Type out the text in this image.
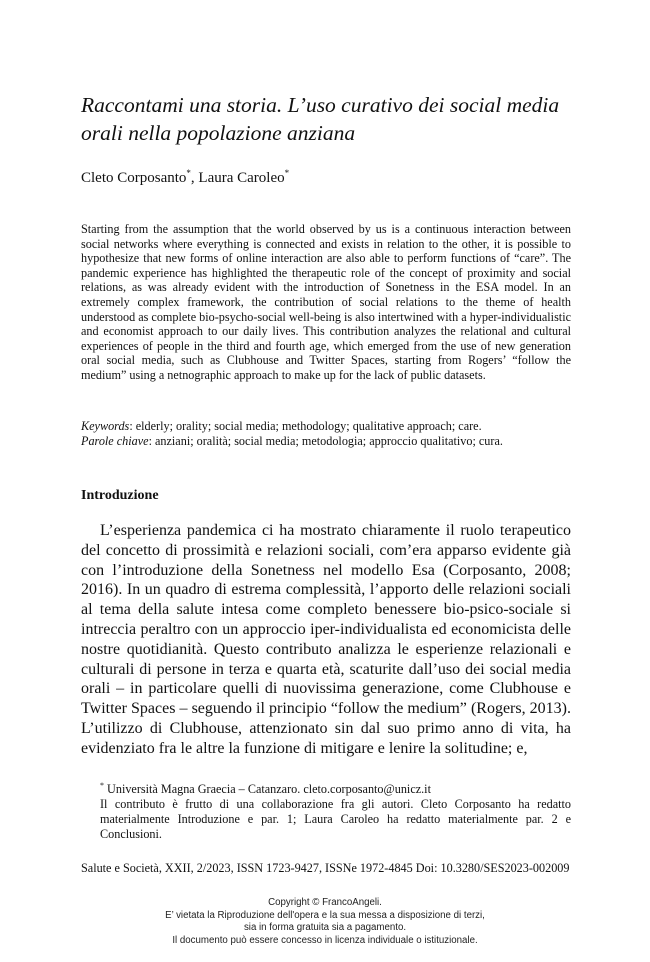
Raccontami una storia. L’uso curativo dei social media orali nella popolazione anziana
Cleto Corposanto*, Laura Caroleo*
Starting from the assumption that the world observed by us is a continuous interaction between social networks where everything is connected and exists in relation to the other, it is possible to hypothesize that new forms of online interaction are also able to perform functions of “care”. The pandemic experience has highlighted the therapeutic role of the concept of proximity and social relations, as was already evident with the introduction of Sonetness in the ESA model. In an extremely complex framework, the contribution of social relations to the theme of health understood as complete bio-psycho-social well-being is also intertwined with a hyper-individualistic and economist approach to our daily lives. This contribution analyzes the relational and cultural experiences of people in the third and fourth age, which emerged from the use of new generation oral social media, such as Clubhouse and Twitter Spaces, starting from Rogers’ “follow the medium” using a netnographic approach to make up for the lack of public datasets.
Keywords: elderly; orality; social media; methodology; qualitative approach; care.
Parole chiave: anziani; oralità; social media; metodologia; approccio qualitativo; cura.
Introduzione
L’esperienza pandemica ci ha mostrato chiaramente il ruolo terapeutico del concetto di prossimità e relazioni sociali, com’era apparso evidente già con l’introduzione della Sonetness nel modello Esa (Corposanto, 2008; 2016). In un quadro di estrema complessità, l’apporto delle relazioni sociali al tema della salute intesa come completo benessere bio-psico-sociale si intreccia peraltro con un approccio iper-individualista ed economicista delle nostre quotidianità. Questo contributo analizza le esperienze relazionali e culturali di persone in terza e quarta età, scaturite dall’uso dei social media orali – in particolare quelli di nuovissima generazione, come Clubhouse e Twitter Spaces – seguendo il principio “follow the medium” (Rogers, 2013). L’utilizzo di Clubhouse, attenzionato sin dal suo primo anno di vita, ha evidenziato fra le altre la funzione di mitigare e lenire la solitudine; e,
* Università Magna Graecia – Catanzaro. cleto.corposanto@unicz.it
Il contributo è frutto di una collaborazione fra gli autori. Cleto Corposanto ha redatto materialmente Introduzione e par. 1; Laura Caroleo ha redatto materialmente par. 2 e Conclusioni.
Salute e Società, XXII, 2/2023, ISSN 1723-9427, ISSNe 1972-4845 Doi: 10.3280/SES2023-002009
Copyright © FrancoAngeli.
E’ vietata la Riproduzione dell'opera e la sua messa a disposizione di terzi,
sia in forma gratuita sia a pagamento.
Il documento può essere concesso in licenza individuale o istituzionale.
